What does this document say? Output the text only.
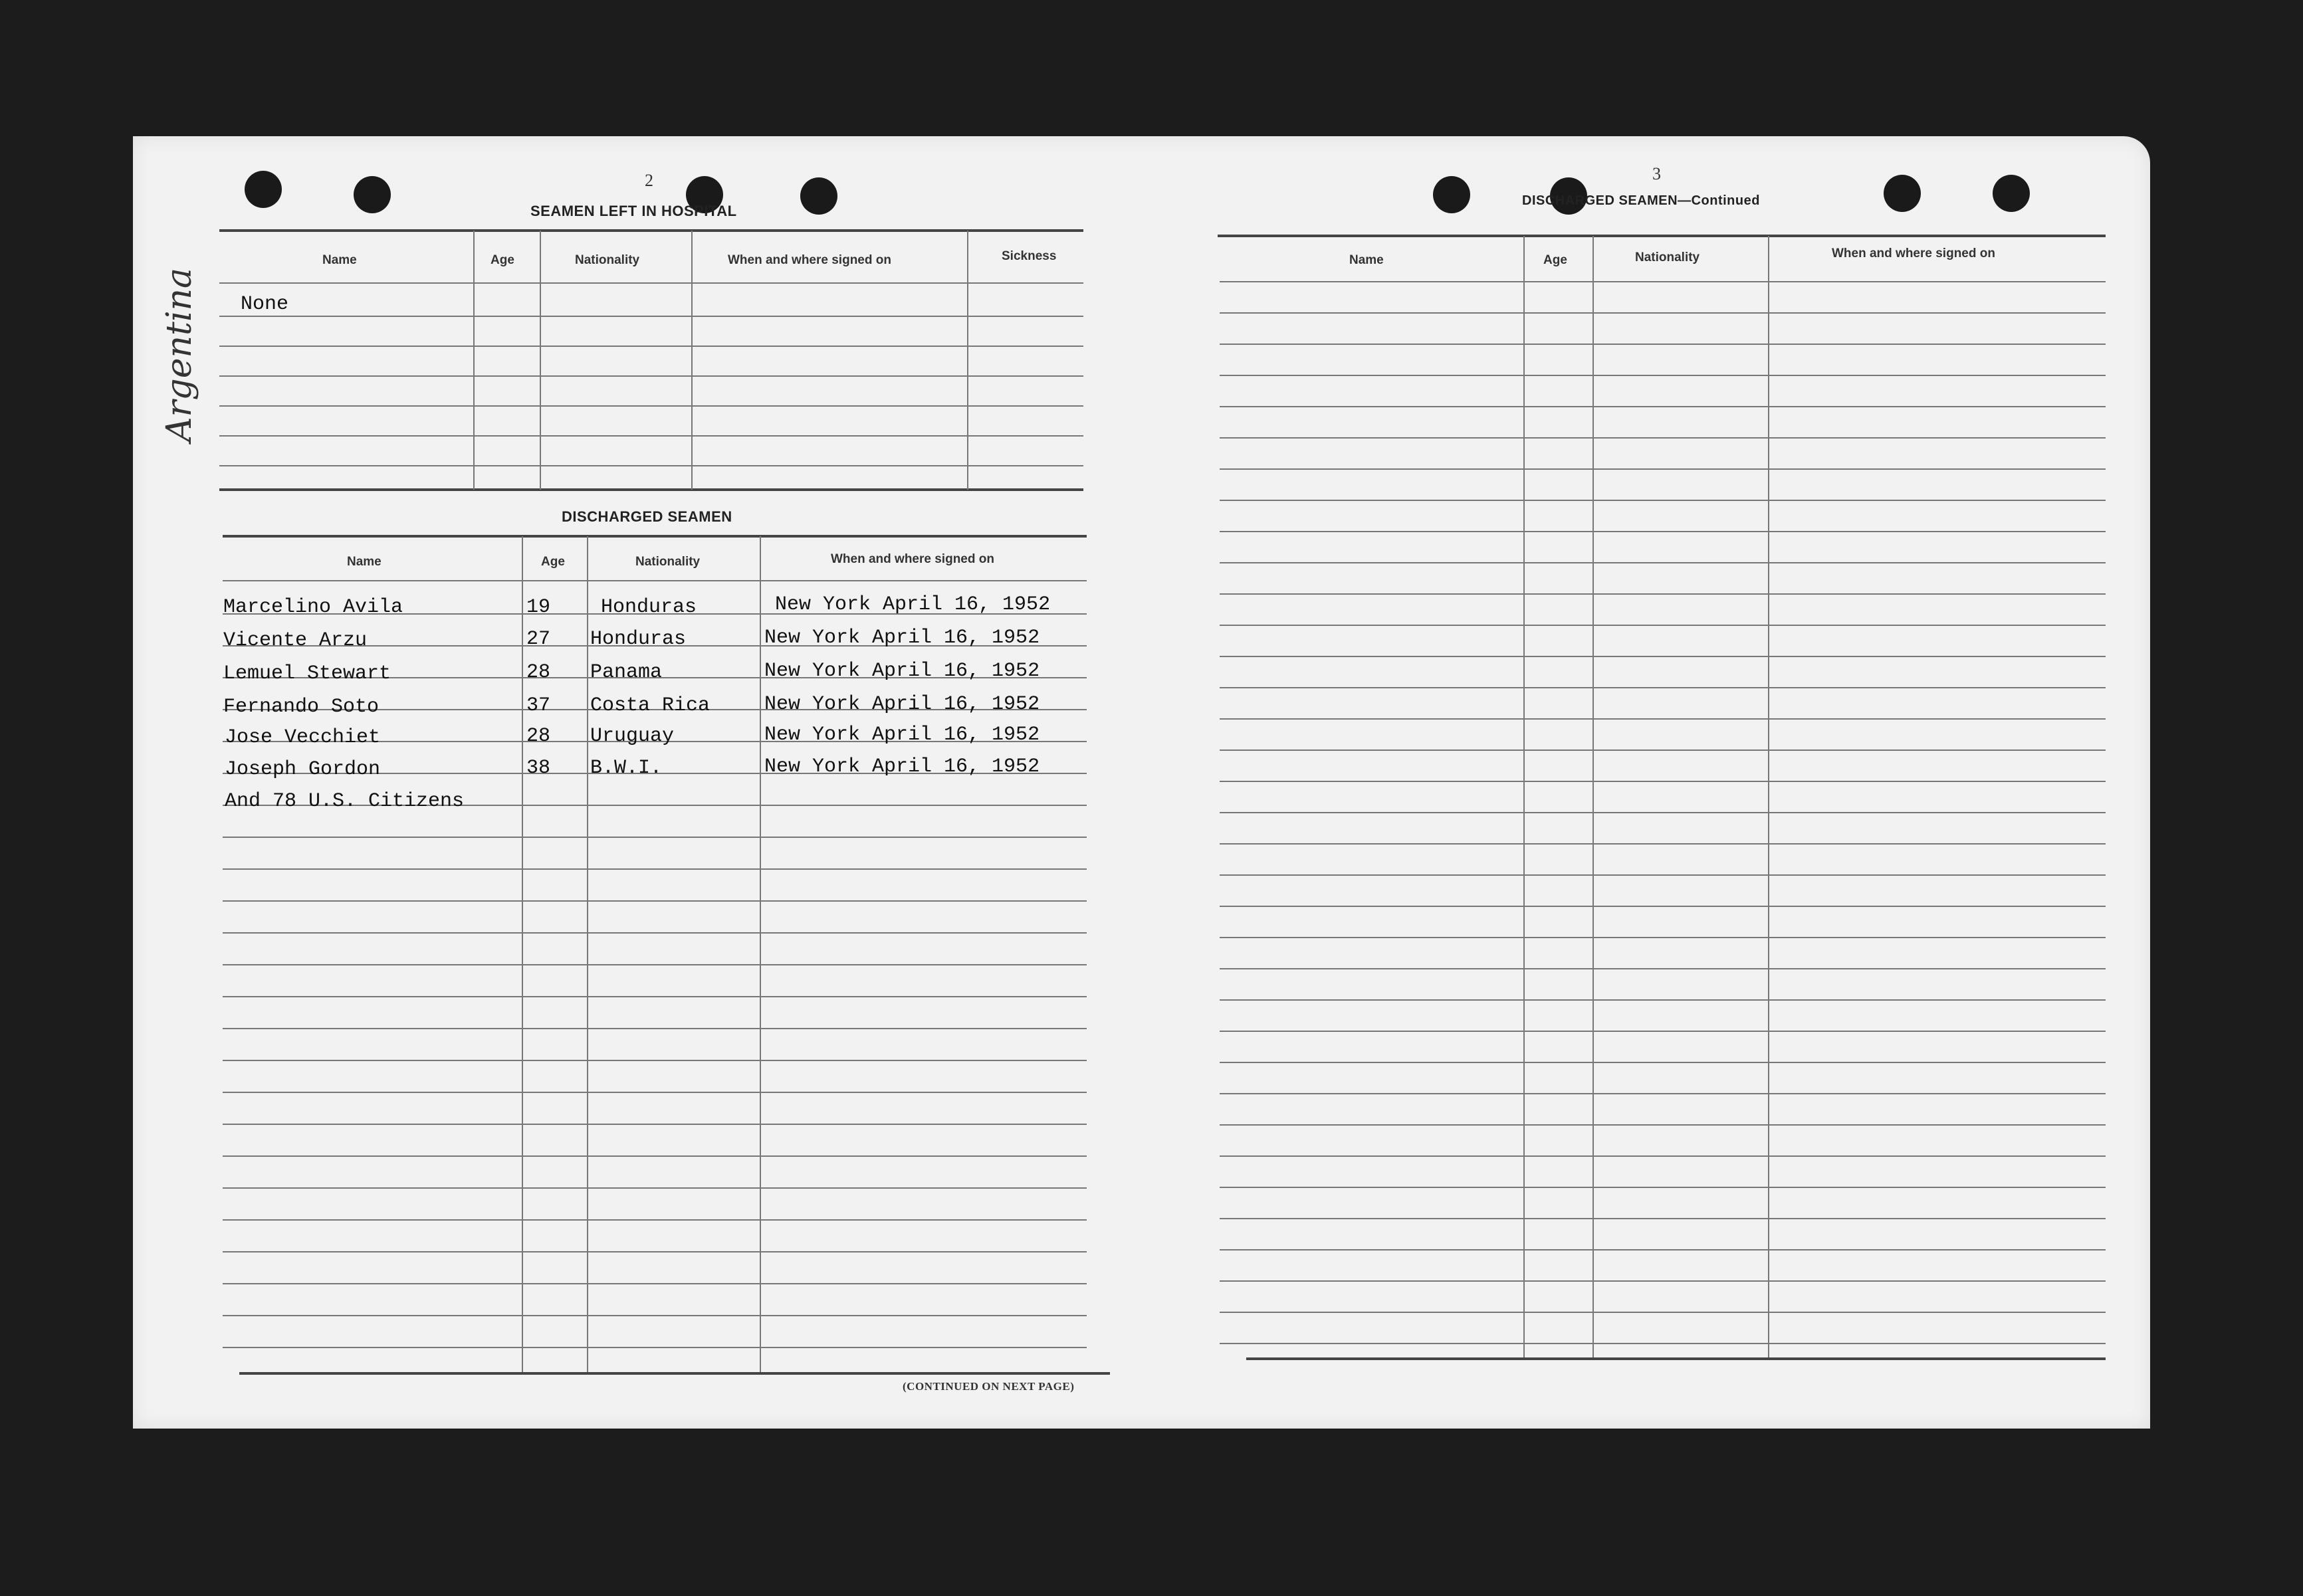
Argentina
2
SEAMEN LEFT IN HOSPITAL
Name	Age	Nationality	When and where signed on	Sickness
None
DISCHARGED SEAMEN
Name	Age	Nationality	When and where signed on
Marcelino Avila	19	Honduras	New York April 16, 1952
Vicente Arzu	27 Honduras	New York April 16, 1952
Lemuel Stewart	28 Panama	New York April 16, 1952
Fernando Soto	37 Costa Rica	New York April 16, 1952
Jose Vecchiet	28 Uruguay	New York April 16, 1952
Joseph Gordon	38 B.W.I.	New York April 16, 1952
And 78 U.S. Citizens
(CONTINUED ON NEXT PAGE)
3
DISCHARGED SEAMEN—Continued
Name	Age	Nationality	When and where signed on
